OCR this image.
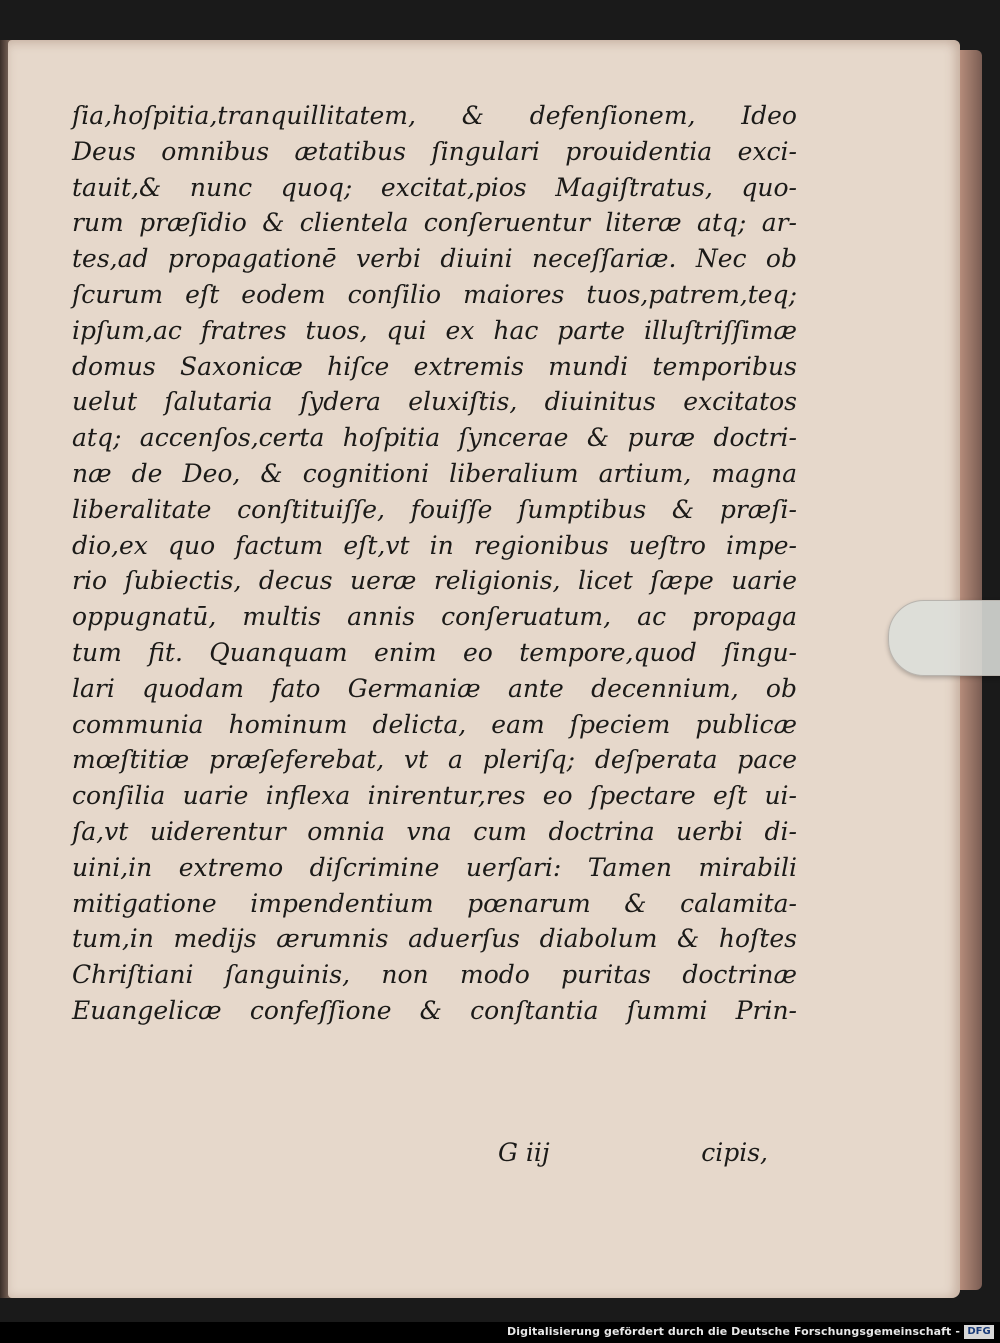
ſia,hoſpitia,tranquillitatem, & defenſionem, Ideo
Deus omnibus ætatibus ſingulari prouidentia exci-
tauit,& nunc quoq; excitat,pios Magiſtratus, quo-
rum præſidio & clientela conſeruentur literæ atq; ar-
tes,ad propagationē verbi diuini neceſſariæ. Nec ob
ſcurum eſt eodem conſilio maiores tuos,patrem,teq;
ipſum,ac fratres tuos, qui ex hac parte illuſtriſſimæ
domus Saxonicæ hiſce extremis mundi temporibus
uelut ſalutaria ſydera eluxiſtis, diuinitus excitatos
atq; accenſos,certa hoſpitia ſyncerae & puræ doctri-
næ de Deo, & cognitioni liberalium artium, magna
liberalitate conſtituiſſe, fouiſſe ſumptibus & præſi-
dio,ex quo factum eſt,vt in regionibus ueſtro impe-
rio ſubiectis, decus ueræ religionis, licet ſæpe uarie
oppugnatū, multis annis conſeruatum, ac propaga
tum fit. Quanquam enim eo tempore,quod ſingu-
lari quodam fato Germaniæ ante decennium, ob
communia hominum delicta, eam ſpeciem publicæ
mœſtitiæ præſeferebat, vt a pleriſq; deſperata pace
conſilia uarie inflexa inirentur,res eo ſpectare eſt ui-
ſa,vt uiderentur omnia vna cum doctrina uerbi di-
uini,in extremo diſcrimine uerſari: Tamen mirabili
mitigatione impendentium pœnarum & calamita-
tum,in medijs ærumnis aduerſus diabolum & hoſtes
Chriſtiani ſanguinis, non modo puritas doctrinæ
Euangelicæ confeſſione & conſtantia ſummi Prin-
G iij	cipis,
Digitalisierung gefördert durch die Deutsche Forschungsgemeinschaft - DFG
